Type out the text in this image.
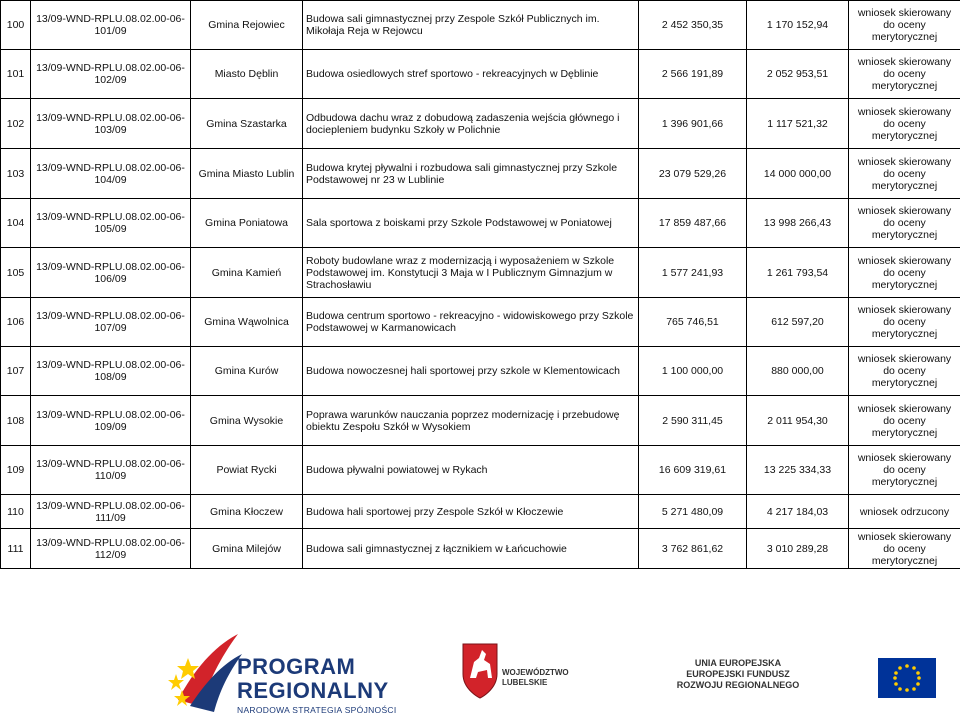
100	13/09-WND-RPLU.08.02.00-06-101/09	Gmina Rejowiec	Budowa sali gimnastycznej przy Zespole Szkół Publicznych im. Mikołaja Reja w Rejowcu	2 452 350,35	1 170 152,94	wniosek skierowany do oceny merytorycznej
101	13/09-WND-RPLU.08.02.00-06-102/09	Miasto Dęblin	Budowa osiedlowych stref sportowo - rekreacyjnych w Dęblinie	2 566 191,89	2 052 953,51	wniosek skierowany do oceny merytorycznej
102	13/09-WND-RPLU.08.02.00-06-103/09	Gmina Szastarka	Odbudowa dachu wraz z dobudową zadaszenia wejścia głównego i dociepleniem budynku Szkoły w Polichnie	1 396 901,66	1 117 521,32	wniosek skierowany do oceny merytorycznej
103	13/09-WND-RPLU.08.02.00-06-104/09	Gmina Miasto Lublin	Budowa krytej pływalni i rozbudowa sali gimnastycznej przy Szkole Podstawowej nr 23 w Lublinie	23 079 529,26	14 000 000,00	wniosek skierowany do oceny merytorycznej
104	13/09-WND-RPLU.08.02.00-06-105/09	Gmina Poniatowa	Sala sportowa z boiskami przy Szkole Podstawowej w Poniatowej	17 859 487,66	13 998 266,43	wniosek skierowany do oceny merytorycznej
105	13/09-WND-RPLU.08.02.00-06-106/09	Gmina Kamień	Roboty budowlane wraz z modernizacją i wyposażeniem w Szkole Podstawowej im. Konstytucji 3 Maja w I Publicznym Gimnazjum w Strachosławiu	1 577 241,93	1 261 793,54	wniosek skierowany do oceny merytorycznej
106	13/09-WND-RPLU.08.02.00-06-107/09	Gmina Wąwolnica	Budowa centrum sportowo - rekreacyjno - widowiskowego przy Szkole Podstawowej w Karmanowicach	765 746,51	612 597,20	wniosek skierowany do oceny merytorycznej
107	13/09-WND-RPLU.08.02.00-06-108/09	Gmina Kurów	Budowa nowoczesnej hali sportowej przy szkole w Klementowicach	1 100 000,00	880 000,00	wniosek skierowany do oceny merytorycznej
108	13/09-WND-RPLU.08.02.00-06-109/09	Gmina Wysokie	Poprawa warunków nauczania poprzez modernizację i przebudowę obiektu Zespołu Szkół w Wysokiem	2 590 311,45	2 011 954,30	wniosek skierowany do oceny merytorycznej
109	13/09-WND-RPLU.08.02.00-06-110/09	Powiat Rycki	Budowa pływalni powiatowej w Rykach	16 609 319,61	13 225 334,33	wniosek skierowany do oceny merytorycznej
110	13/09-WND-RPLU.08.02.00-06-111/09	Gmina Kłoczew	Budowa hali sportowej przy Zespole Szkół w Kłoczewie	5 271 480,09	4 217 184,03	wniosek odrzucony
111	13/09-WND-RPLU.08.02.00-06-112/09	Gmina Milejów	Budowa sali gimnastycznej z łącznikiem w Łańcuchowie	3 762 861,62	3 010 289,28	wniosek skierowany do oceny merytorycznej
PROGRAM
REGIONALNY
NARODOWA STRATEGIA SPÓJNOŚCI
WOJEWÓDZTWO
LUBELSKIE
UNIA EUROPEJSKA
EUROPEJSKI FUNDUSZ
ROZWOJU REGIONALNEGO
